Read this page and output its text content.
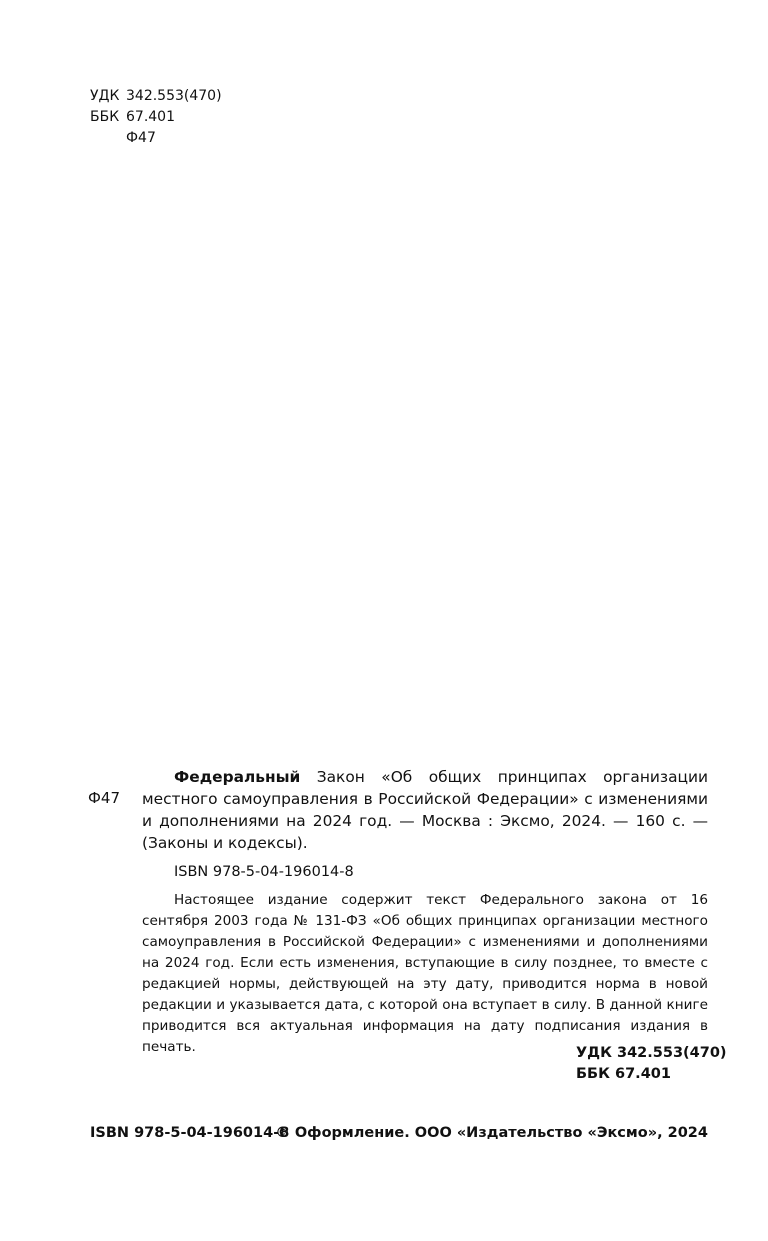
УДК 342.553(470)
ББК 67.401
Ф47
Ф47
Федеральный Закон «Об общих принципах организации местного самоуправления в Российской Федерации» с изменениями и дополнениями на 2024 год. — Москва : Эксмо, 2024. — 160 с. — (Законы и кодексы).
ISBN 978-5-04-196014-8
Настоящее издание содержит текст Федерального закона от 16 сентября 2003 года № 131-ФЗ «Об общих принципах организации местного самоуправления в Российской Федерации» с изменениями и дополнениями на 2024 год. Если есть изменения, вступающие в силу позднее, то вместе с редакцией нормы, действующей на эту дату, приводится норма в новой редакции и указывается дата, с которой она вступает в силу. В данной книге приводится вся актуальная информация на дату подписания издания в печать.	УДК 342.553(470)
ББК 67.401
ISBN 978-5-04-196014-8
© Оформление. ООО «Издательство «Эксмо», 2024
